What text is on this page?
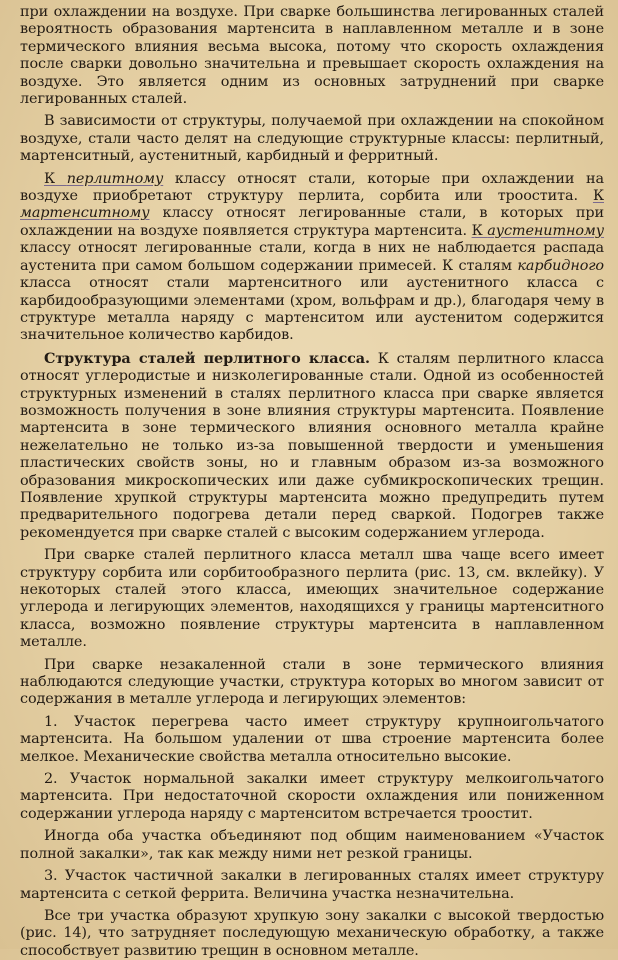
при охлаждении на воздухе. При сварке большинства легированных сталей вероятность образования мартенсита в наплавленном металле и в зоне термического влияния весьма высока, потому что скорость охлаждения после сварки довольно значительна и превышает скорость охлаждения на воздухе. Это является одним из основных затруднений при сварке легированных сталей.

В зависимости от структуры, получаемой при охлаждении на спокойном воздухе, стали часто делят на следующие структурные классы: перлитный, мартенситный, аустенитный, карбидный и ферритный.

К перлитному классу относят стали, которые при охлаждении на воздухе приобретают структуру перлита, сорбита или троостита. К мартенситному классу относят легированные стали, в которых при охлаждении на воздухе появляется структура мартенсита. К аустенитному классу относят легированные стали, когда в них не наблюдается распада аустенита при самом большом содержании примесей. К сталям карбидного класса относят стали мартенситного или аустенитного класса с карбидообразующими элементами (хром, вольфрам и др.), благодаря чему в структуре металла наряду с мартенситом или аустенитом содержится значительное количество карбидов.

Структура сталей перлитного класса. К сталям перлитного класса относят углеродистые и низколегированные стали. Одной из особенностей структурных изменений в сталях перлитного класса при сварке является возможность получения в зоне влияния структуры мартенсита. Появление мартенсита в зоне термического влияния основного металла крайне нежелательно не только из-за повышенной твердости и уменьшения пластических свойств зоны, но и главным образом из-за возможного образования микроскопических или даже субмикроскопических трещин. Появление хрупкой структуры мартенсита можно предупредить путем предварительного подогрева детали перед сваркой. Подогрев также рекомендуется при сварке сталей с высоким содержанием углерода.

При сварке сталей перлитного класса металл шва чаще всего имеет структуру сорбита или сорбитообразного перлита (рис. 13, см. вклейку). У некоторых сталей этого класса, имеющих значительное содержание углерода и легирующих элементов, находящихся у границы мартенситного класса, возможно появление структуры мартенсита в наплавленном металле.

При сварке незакаленной стали в зоне термического влияния наблюдаются следующие участки, структура которых во многом зависит от содержания в металле углерода и легирующих элементов:

1. Участок перегрева часто имеет структуру крупноигольчатого мартенсита. На большом удалении от шва строение мартенсита более мелкое. Механические свойства металла относительно высокие.

2. Участок нормальной закалки имеет структуру мелкоигольчатого мартенсита. При недостаточной скорости охлаждения или пониженном содержании углерода наряду с мартенситом встречается троостит.

Иногда оба участка объединяют под общим наименованием «Участок полной закалки», так как между ними нет резкой границы.

3. Участок частичной закалки в легированных сталях имеет структуру мартенсита с сеткой феррита. Величина участка незначительна.

Все три участка образуют хрупкую зону закалки с высокой твердостью (рис. 14), что затрудняет последующую механическую обработку, а также способствует развитию трещин в основном металле.
